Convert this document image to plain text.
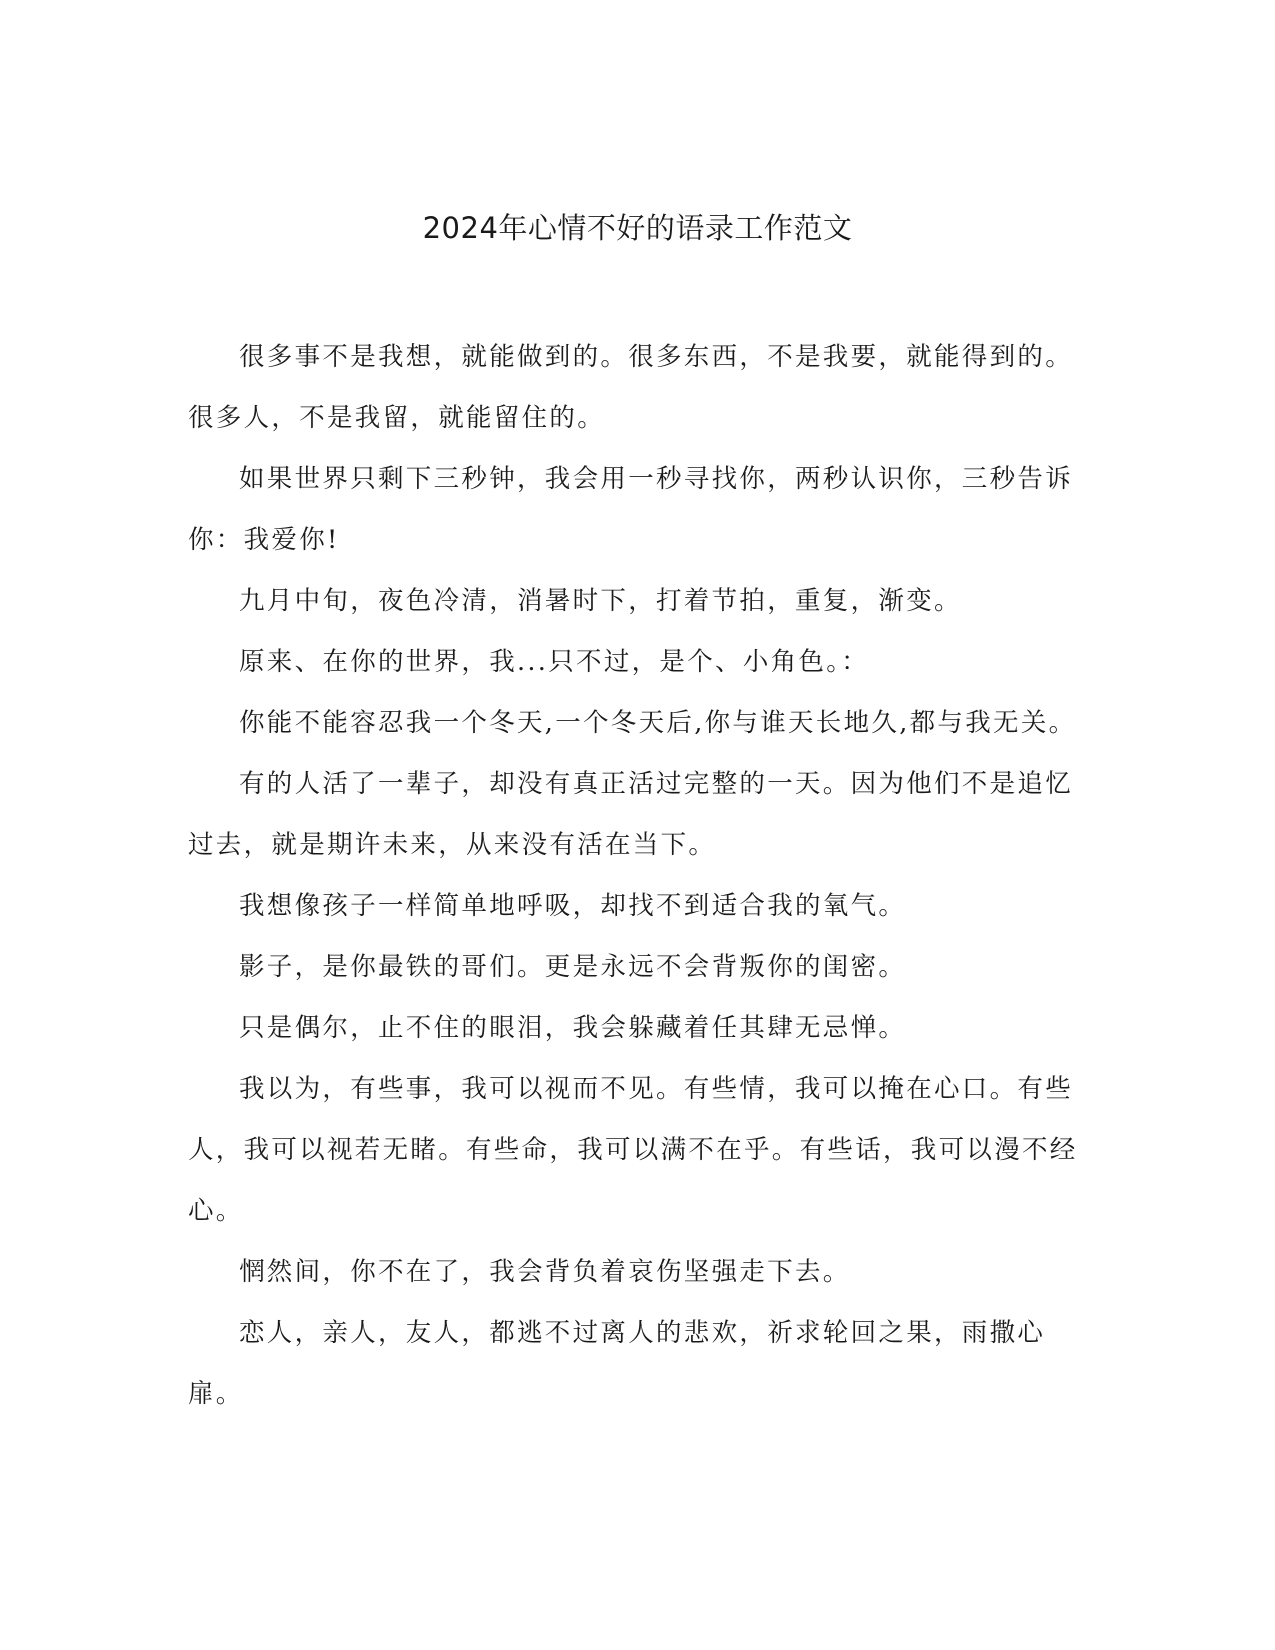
2024年心情不好的语录工作范文

很多事不是我想，就能做到的。很多东西，不是我要，就能得到的。很多人，不是我留，就能留住的。

如果世界只剩下三秒钟，我会用一秒寻找你，两秒认识你，三秒告诉你：我爱你!

九月中旬，夜色冷清，消暑时下，打着节拍，重复，渐变。

原来、在你的世界，我...只不过，是个、小角色。：

你能不能容忍我一个冬天,一个冬天后,你与谁天长地久,都与我无关。

有的人活了一辈子，却没有真正活过完整的一天。因为他们不是追忆过去，就是期许未来，从来没有活在当下。

我想像孩子一样简单地呼吸，却找不到适合我的氧气。

影子，是你最铁的哥们。更是永远不会背叛你的闺密。

只是偶尔，止不住的眼泪，我会躲藏着任其肆无忌惮。

我以为，有些事，我可以视而不见。有些情，我可以掩在心口。有些人，我可以视若无睹。有些命，我可以满不在乎。有些话，我可以漫不经心。

惘然间，你不在了，我会背负着哀伤坚强走下去。

恋人，亲人，友人，都逃不过离人的悲欢，祈求轮回之果，雨撒心扉。
